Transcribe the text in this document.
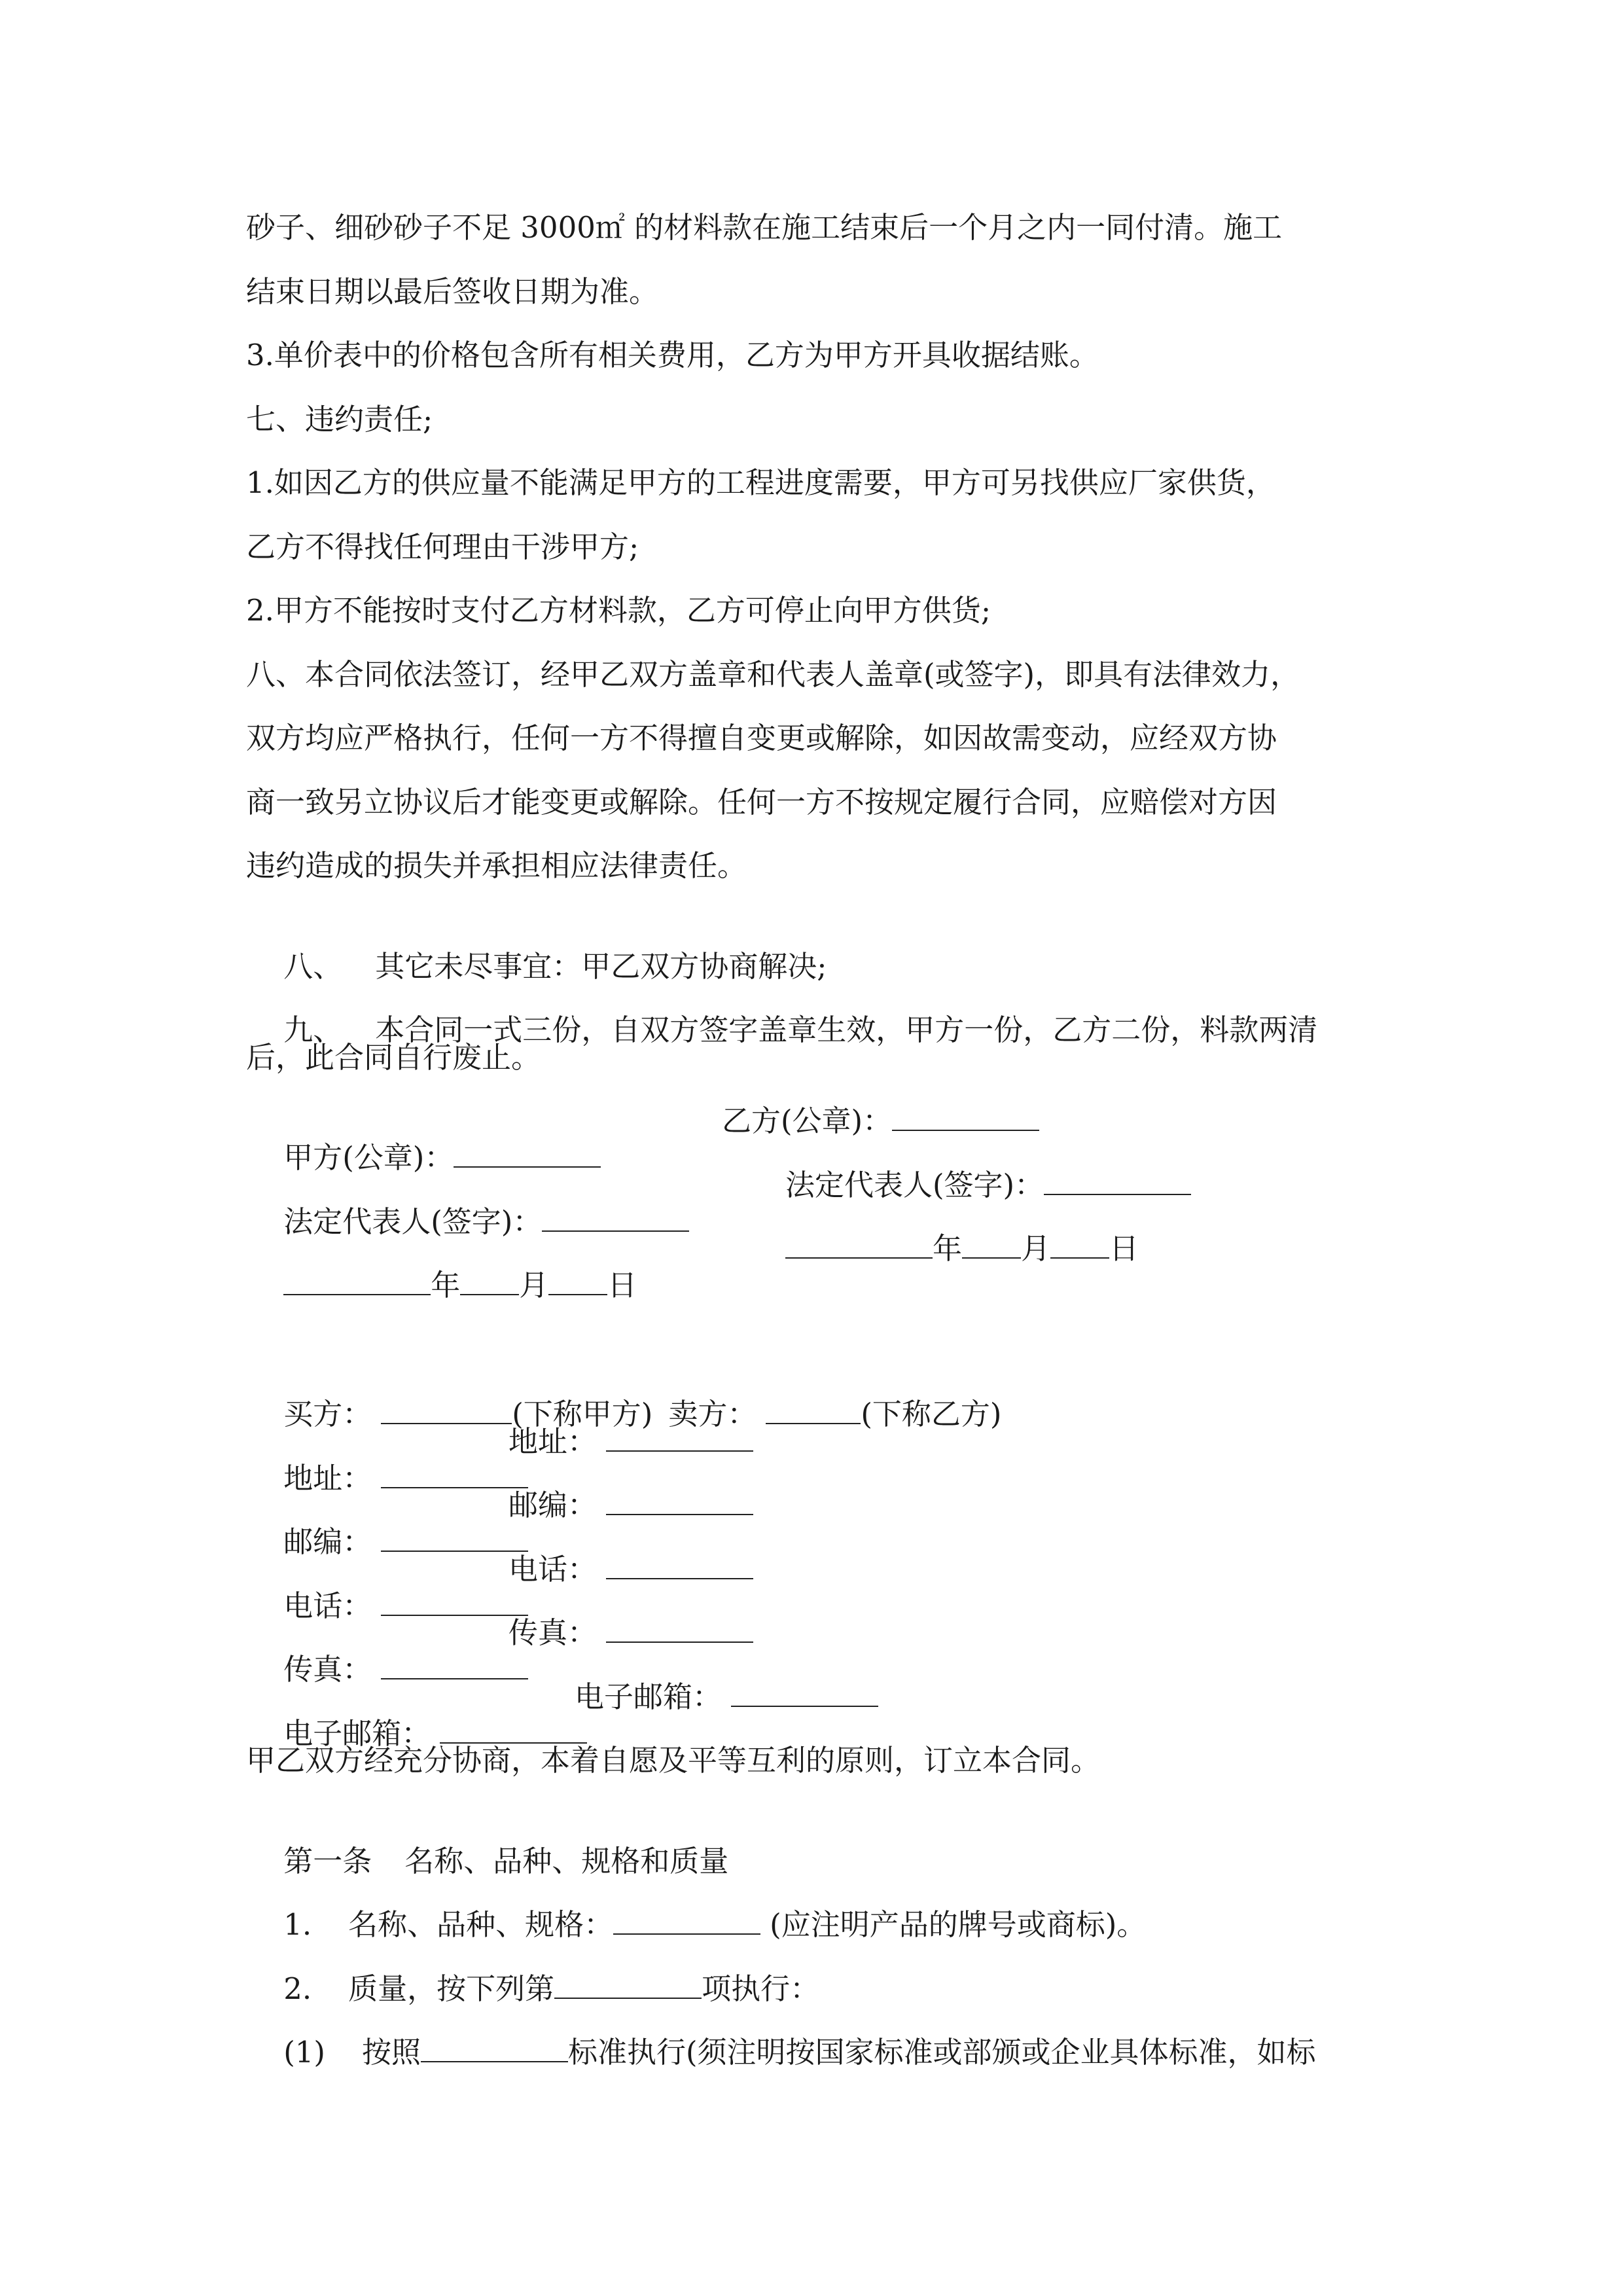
砂子、细砂砂子不足 3000㎡ 的材料款在施工结束后一个月之内一同付清。施工
结束日期以最后签收日期为准。
3.单价表中的价格包含所有相关费用，乙方为甲方开具收据结账。
七、违约责任;
1.如因乙方的供应量不能满足甲方的工程进度需要，甲方可另找供应厂家供货，
乙方不得找任何理由干涉甲方;
2.甲方不能按时支付乙方材料款，乙方可停止向甲方供货;
八、本合同依法签订，经甲乙双方盖章和代表人盖章(或签字)，即具有法律效力，
双方均应严格执行，任何一方不得擅自变更或解除，如因故需变动，应经双方协
商一致另立协议后才能变更或解除。任何一方不按规定履行合同，应赔偿对方因
违约造成的损失并承担相应法律责任。

八、 其它未尽事宜：甲乙双方协商解决;

九、 本合同一式三份，自双方签字盖章生效，甲方一份，乙方二份，料款两清

后，此合同自行废止。

甲方(公章)：

乙方(公章)：

法定代表人(签字)：

法定代表人(签字)：

年 月 日

年 月 日

买方：	(下称甲方) 卖方：	(下称乙方)

地址：

地址：

邮编：

邮编：

电话：

电话：

传真：

传真：

电子邮箱：

电子邮箱：

甲乙双方经充分协商，本着自愿及平等互利的原则，订立本合同。

第一条 名称、品种、规格和质量

1. 名称、品种、规格：	(应注明产品的牌号或商标)。

2. 质量，按下列第	项执行：

(1) 按照	标准执行(须注明按国家标准或部颁或企业具体标准，如标
